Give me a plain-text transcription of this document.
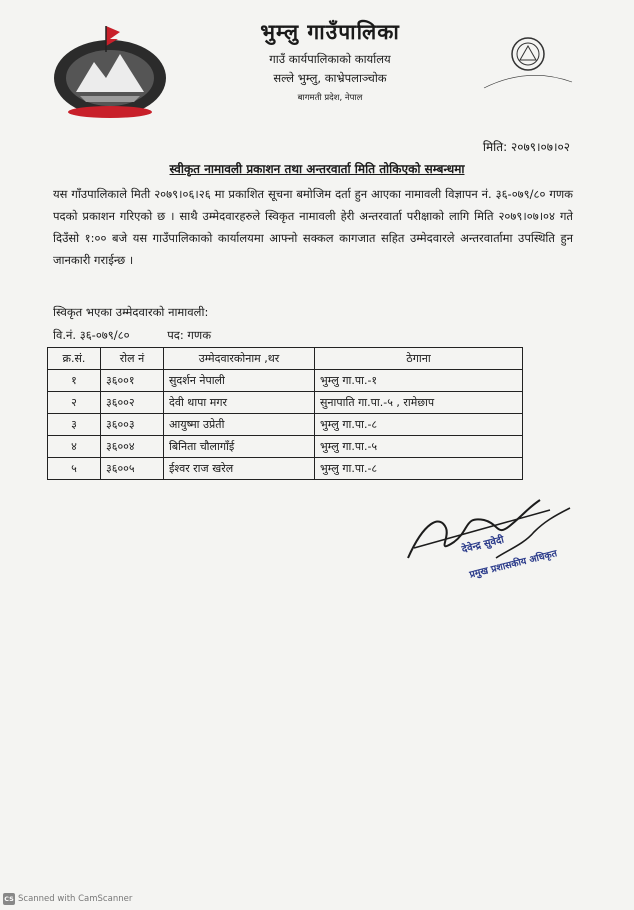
भुम्लु गाउँपालिका
गाउँ कार्यपालिकाको कार्यालय
सल्ले भुम्लु, काभ्रेपलाञ्चोक
बागमती प्रदेश, नेपाल
मिति: २०७९।०७।०२
स्वीकृत नामावली प्रकाशन तथा अन्तरवार्ता मिति तोकिएको सम्बन्धमा
यस गाँउपालिकाले मिती २०७९।०६।२६ मा प्रकाशित सूचना बमोजिम दर्ता हुन आएका नामावली विज्ञापन नं. ३६-०७९/८० गणक पदको प्रकाशन गरिएको छ । साथै उम्मेदवारहरुले स्विकृत नामावली हेरी अन्तरवार्ता परीक्षाको लागि मिति २०७९।०७।०४ गते दिउँसो १:०० बजे यस गाउँपालिकाको कार्यालयमा आफ्नो सक्कल कागजात सहित उम्मेदवारले अन्तरवार्तामा उपस्थिति हुन जानकारी गराईन्छ ।
स्विकृत भएका उम्मेदवारको नामावली:
वि.नं. ३६-०७९/८०	पद: गणक
क्र.सं.	रोल नं	उम्मेदवारकोनाम ,थर	ठेगाना
१	३६००१	सुदर्शन नेपाली	भुम्लु गा.पा.-१
२	३६००२	देवी थापा मगर	सुनापाति गा.पा.-५ , रामेछाप
३	३६००३	आयुष्मा उप्रेती	भुम्लु गा.पा.-८
४	३६००४	बिनिता चौलागाँई	भुम्लु गा.पा.-५
५	३६००५	ईश्वर राज खरेल	भुम्लु गा.पा.-८
देवेन्द्र सुवेदी
प्रमुख प्रशासकीय अधिकृत
CS Scanned with CamScanner
